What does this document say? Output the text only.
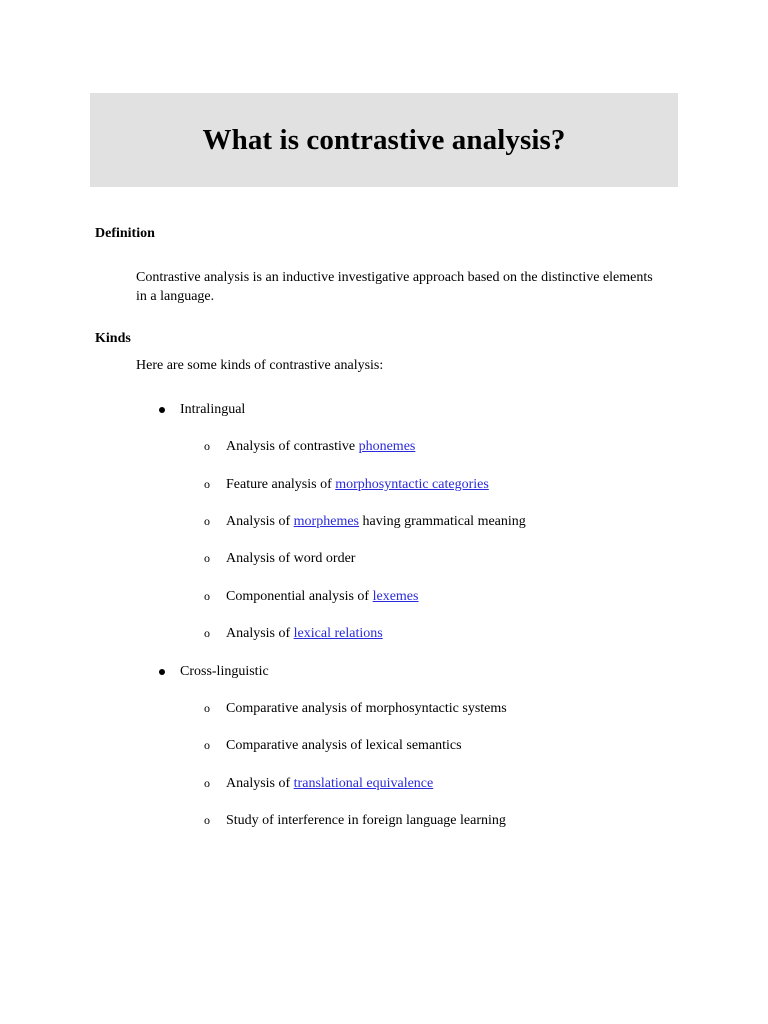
What is contrastive analysis?
Definition

Contrastive analysis is an inductive investigative approach based on the distinctive elements in a language.

Kinds

Here are some kinds of contrastive analysis:

Intralingual
o	Analysis of contrastive phonemes
o	Feature analysis of morphosyntactic categories
o	Analysis of morphemes having grammatical meaning
o	Analysis of word order
o	Componential analysis of lexemes
o	Analysis of lexical relations
Cross-linguistic
o	Comparative analysis of morphosyntactic systems
o	Comparative analysis of lexical semantics
o	Analysis of translational equivalence
o	Study of interference in foreign language learning
